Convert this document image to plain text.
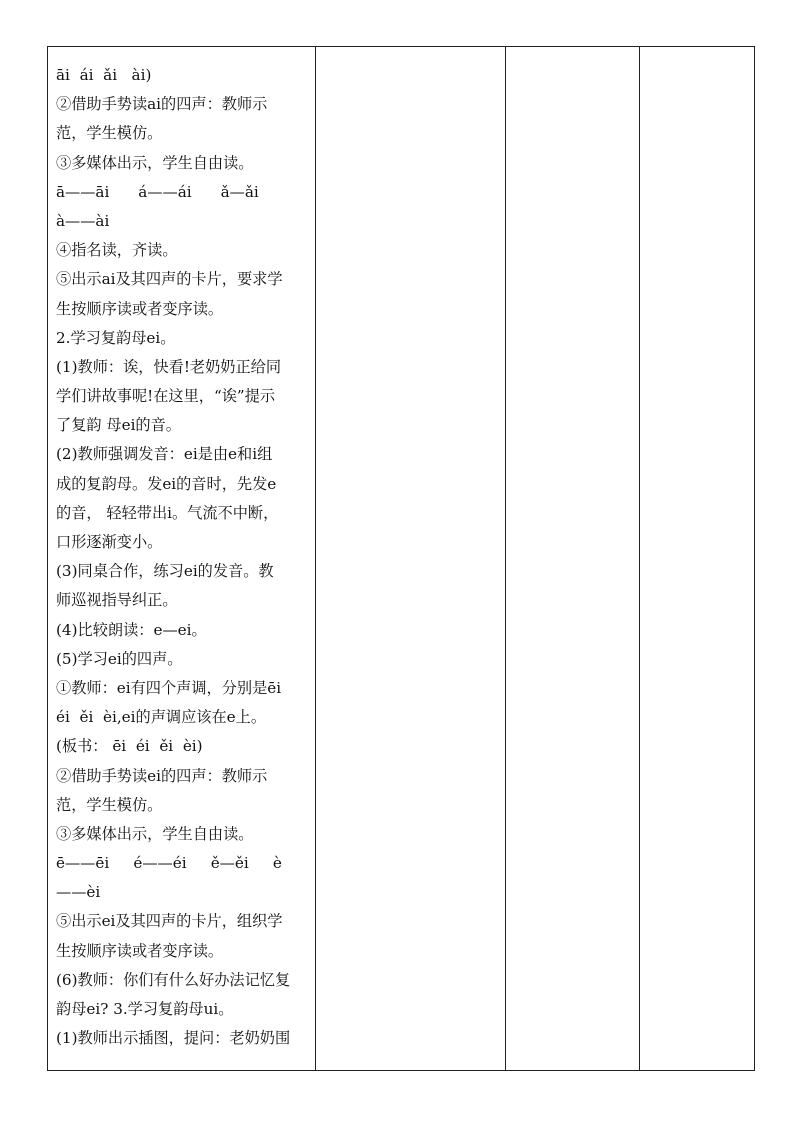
āi  ái  ǎi   ài)
②借助手势读ai的四声：教师示
范，学生模仿。
③多媒体出示，学生自由读。
ā——āi      á——ái      ǎ—ǎi
à——ài
④指名读，齐读。
⑤出示ai及其四声的卡片，要求学
生按顺序读或者变序读。
2.学习复韵母ei。
(1)教师：诶，快看!老奶奶正给同
学们讲故事呢!在这里，“诶”提示
了复韵 母ei的音。
(2)教师强调发音：ei是由e和i组
成的复韵母。发ei的音时，先发e
的音， 轻轻带出i。气流不中断，
口形逐渐变小。
(3)同桌合作，练习ei的发音。教
师巡视指导纠正。
(4)比较朗读：e—ei。
(5)学习ei的四声。
①教师：ei有四个声调，分别是ēi
éi  ěi  èi,ei的声调应该在e上。
(板书： ēi  éi  ěi  èi)
②借助手势读ei的四声：教师示
范，学生模仿。
③多媒体出示，学生自由读。
ē——ēi     é——éi     ě—ěi     è
——èi
⑤出示ei及其四声的卡片，组织学
生按顺序读或者变序读。
(6)教师：你们有什么好办法记忆复
韵母ei? 3.学习复韵母ui。
(1)教师出示插图，提问：老奶奶围
